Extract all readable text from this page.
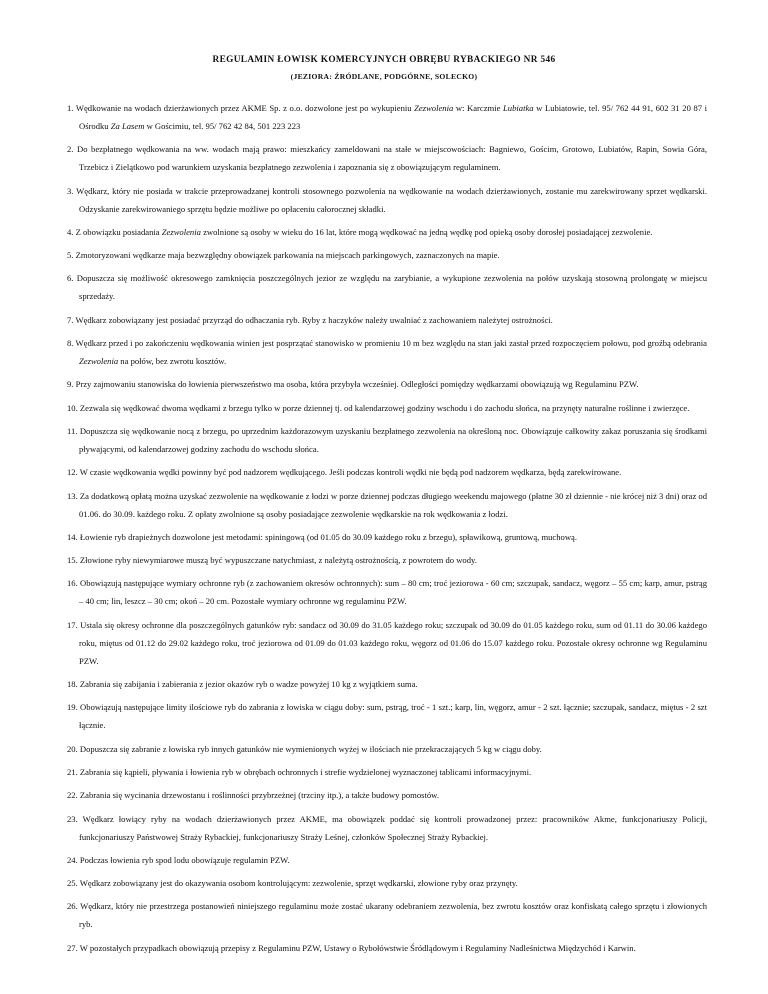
REGULAMIN ŁOWISK KOMERCYJNYCH OBRĘBU RYBACKIEGO NR 546
(JEZIORA: ŹRÓDLANE, PODGÓRNE, SOLECKO)
1. Wędkowanie na wodach dzierżawionych przez AKME Sp. z o.o. dozwolone jest po wykupieniu Zezwolenia w: Karczmie Lubiatka w Lubiatowie, tel. 95/ 762 44 91, 602 31 20 87 i Ośrodku Za Lasem w Gościmiu, tel. 95/ 762 42 84, 501 223 223
2. Do bezpłatnego wędkowania na ww. wodach mają prawo: mieszkańcy zameldowani na stałe w miejscowościach: Bagniewo, Gościm, Grotowo, Lubiatów, Rapin, Sowia Góra, Trzebicz i Zielątkowo pod warunkiem uzyskania bezpłatnego zezwolenia i zapoznania się z obowiązującym regulaminem.
3. Wędkarz, który nie posiada w trakcie przeprowadzanej kontroli stosownego pozwolenia na wędkowanie na wodach dzierżawionych, zostanie mu zarekwirowany sprzet wędkarski. Odzyskanie zarekwirowaniego sprzętu będzie możliwe po opłaceniu całorocznej składki.
4. Z obowiązku posiadania Zezwolenia zwolnione są osoby w wieku do 16 lat, które mogą wędkować na jedną wędkę pod opieką osoby dorosłej posiadającej zezwolenie.
5. Zmotoryzowani wędkarze maja bezwzględny obowiązek parkowania na miejscach parkingowych, zaznaczonych na mapie.
6. Dopuszcza się możliwość okresowego zamknięcia poszczególnych jezior ze względu na zarybianie, a wykupione zezwolenia na połów uzyskają stosowną prolongatę w miejscu sprzedaży.
7. Wędkarz zobowiązany jest posiadać przyrząd do odhaczania ryb. Ryby z haczyków należy uwalniać z zachowaniem należytej ostrożności.
8. Wędkarz przed i po zakończeniu wędkowania winien jest posprzątać stanowisko w promieniu 10 m bez względu na stan jaki zastał przed rozpoczęciem połowu, pod groźbą odebrania Zezwolenia na połów, bez zwrotu kosztów.
9. Przy zajmowaniu stanowiska do łowienia pierwszeństwo ma osoba, która przybyła wcześniej. Odległości pomiędzy wędkarzami obowiązują wg Regulaminu PZW.
10. Zezwala się wędkować dwoma wędkami z brzegu tylko w porze dziennej tj. od kalendarzowej godziny wschodu i do zachodu słońca, na przynęty naturalne roślinne i zwierzęce.
11. Dopuszcza się wędkowanie nocą z brzegu, po uprzednim każdorazowym uzyskaniu bezpłatnego zezwolenia na określoną noc. Obowiązuje całkowity zakaz poruszania się środkami pływającymi, od kalendarzowej godziny zachodu do wschodu słońca.
12. W czasie wędkowania wędki powinny być pod nadzorem wędkującego. Jeśli podczas kontroli wędki nie będą pod nadzorem wędkarza, będą zarekwirowane.
13. Za dodatkową opłatą można uzyskać zezwolenie na wędkowanie z łodzi w porze dziennej podczas długiego weekendu majowego (płatne 30 zł dziennie - nie krócej niż 3 dni) oraz od 01.06. do 30.09. każdego roku. Z opłaty zwolnione są osoby posiadające zezwolenie wędkarskie na rok wędkowania z łodzi.
14. Łowienie ryb drapieżnych dozwolone jest metodami: spiningową (od 01.05 do 30.09 każdego roku z brzegu), spławikową, gruntową, muchową.
15. Złowione ryby niewymiarowe muszą być wypuszczane natychmiast, z należytą ostrożnością, z powrotem do wody.
16. Obowiązują następujące wymiary ochronne ryb (z zachowaniem okresów ochronnych): sum – 80 cm; troć jeziorowa - 60 cm; szczupak, sandacz, węgorz – 55 cm; karp, amur, pstrąg – 40 cm; lin, leszcz – 30 cm; okoń – 20 cm. Pozostałe wymiary ochronne wg regulaminu PZW.
17. Ustala się okresy ochronne dla poszczególnych gatunków ryb: sandacz od 30.09 do 31.05 każdego roku; szczupak od 30.09 do 01.05 każdego roku, sum od 01.11 do 30.06 każdego roku, miętus od 01.12 do 29.02 każdego roku, troć jeziorowa od 01.09 do 01.03 każdego roku, węgorz od 01.06 do 15.07 każdego roku. Pozostałe okresy ochronne wg Regulaminu PZW.
18. Zabrania się zabijania i zabierania z jezior okazów ryb o wadze powyżej 10 kg z wyjątkiem suma.
19. Obowiązują następujące limity ilościowe ryb do zabrania z łowiska w ciągu doby: sum, pstrąg, troć - 1 szt.; karp, lin, węgorz, amur - 2 szt. łącznie; szczupak, sandacz, miętus - 2 szt łącznie.
20. Dopuszcza się zabranie z łowiska ryb innych gatunków nie wymienionych wyżej w ilościach nie przekraczających 5 kg w ciągu doby.
21. Zabrania się kąpieli, pływania i łowienia ryb w obrębach ochronnych i strefie wydzielonej wyznaczonej tablicami informacyjnymi.
22. Zabrania się wycinania drzewostanu i roślinności przybrzeżnej (trzciny itp.), a także budowy pomostów.
23. Wędkarz łowiący ryby na wodach dzierżawionych przez AKME, ma obowiązek poddać się kontroli prowadzonej przez: pracowników Akme, funkcjonariuszy Policji, funkcjonariuszy Państwowej Straży Rybackiej, funkcjonariuszy Straży Leśnej, członków Społecznej Straży Rybackiej.
24. Podczas łowienia ryb spod lodu obowiązuje regulamin PZW.
25. Wędkarz zobowiązany jest do okazywania osobom kontrolującym: zezwolenie, sprzęt wędkarski, złowione ryby oraz przynęty.
26. Wędkarz, który nie przestrzega postanowień niniejszego regulaminu może zostać ukarany odebraniem zezwolenia, bez zwrotu kosztów oraz konfiskatą całego sprzętu i złowionych ryb.
27. W pozostałych przypadkach obowiązują przepisy z Regulaminu PZW, Ustawy o Rybołówstwie Śródlądowym i Regulaminy Nadleśnictwa Międzychód i Karwin.
